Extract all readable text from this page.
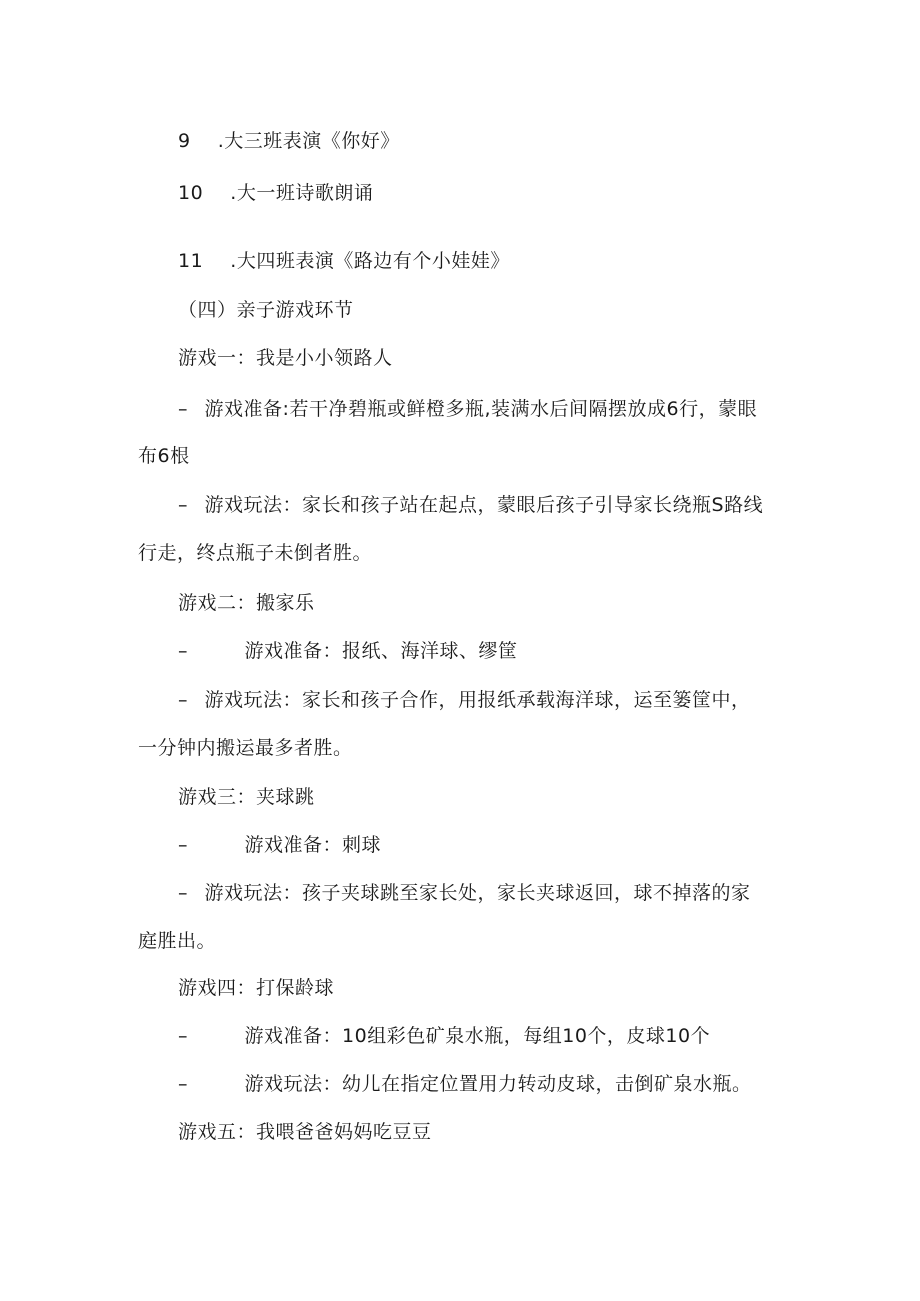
9 .大三班表演《你好》
10 .大一班诗歌朗诵
11 .大四班表演《路边有个小娃娃》
（四）亲子游戏环节
游戏一：我是小小领路人
– 游戏准备:若干净碧瓶或鲜橙多瓶,装满水后间隔摆放成6行，蒙眼
布6根
– 游戏玩法：家长和孩子站在起点，蒙眼后孩子引导家长绕瓶S路线
行走，终点瓶子未倒者胜。
游戏二：搬家乐
–	游戏准备：报纸、海洋球、缪筐
– 游戏玩法：家长和孩子合作，用报纸承载海洋球，运至篓筐中，
一分钟内搬运最多者胜。
游戏三：夹球跳
–	游戏准备：刺球
– 游戏玩法：孩子夹球跳至家长处，家长夹球返回，球不掉落的家
庭胜出。
游戏四：打保龄球
–	游戏准备：10组彩色矿泉水瓶，每组10个，皮球10个
–	游戏玩法：幼儿在指定位置用力转动皮球，击倒矿泉水瓶。
游戏五：我喂爸爸妈妈吃豆豆
